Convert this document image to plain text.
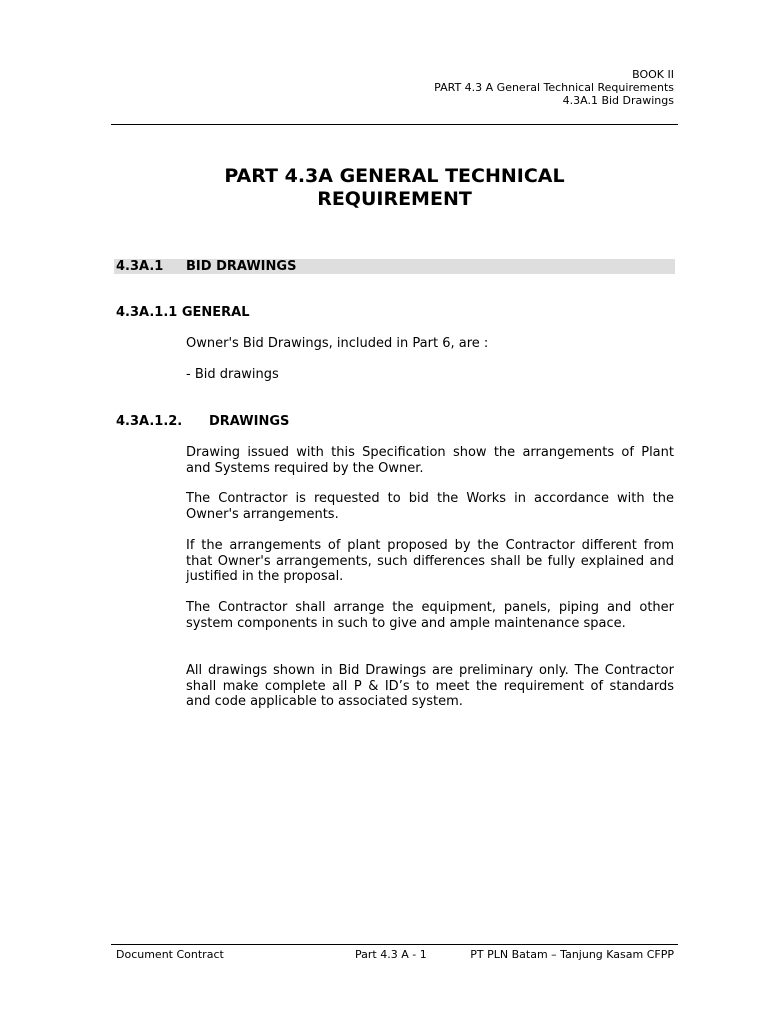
BOOK II
PART 4.3 A General Technical Requirements
4.3A.1 Bid Drawings
PART 4.3A GENERAL TECHNICAL
REQUIREMENT
4.3A.1 BID DRAWINGS
4.3A.1.1 GENERAL
Owner's Bid Drawings, included in Part 6, are :
- Bid drawings
4.3A.1.2. DRAWINGS
Drawing issued with this Specification show the arrangements of Plant and Systems required by the Owner.
The Contractor is requested to bid the Works in accordance with the Owner's arrangements.
If the arrangements of plant proposed by the Contractor different from that Owner's arrangements, such differences shall be fully explained and justified in the proposal.
The Contractor shall arrange the equipment, panels, piping and other system components in such to give and ample maintenance space.
All drawings shown in Bid Drawings are preliminary only. The Contractor shall make complete all P & ID’s to meet the requirement of standards and code applicable to associated system.
Document Contract	Part 4.3 A - 1	PT PLN Batam – Tanjung Kasam CFPP
